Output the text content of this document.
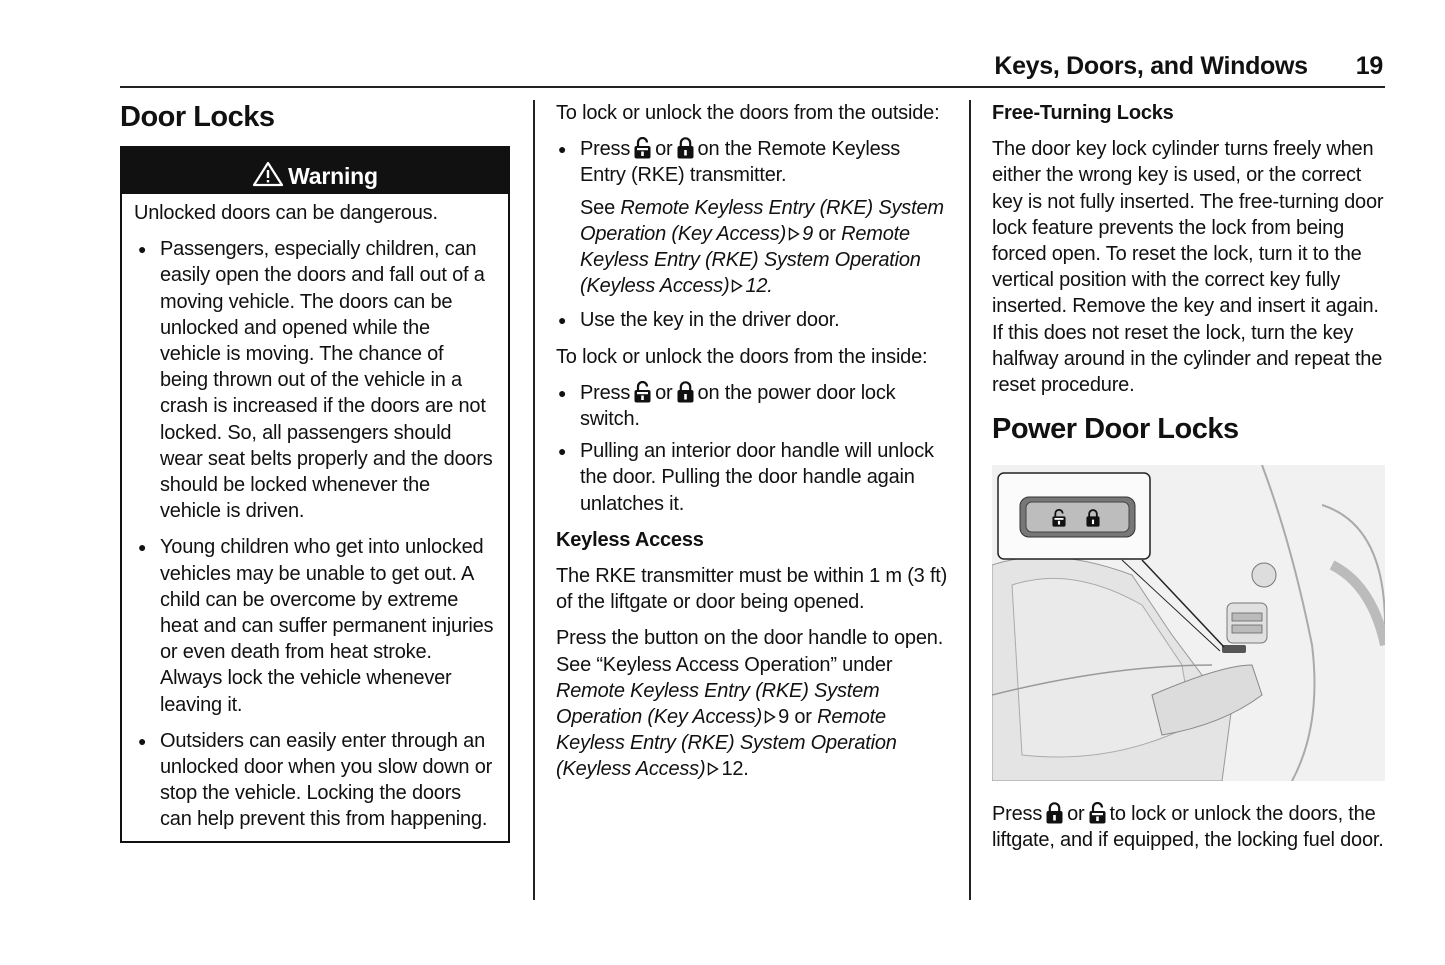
Keys, Doors, and Windows 19
Door Locks
Warning

Unlocked doors can be dangerous.

● Passengers, especially children, can easily open the doors and fall out of a moving vehicle. The doors can be unlocked and opened while the vehicle is moving. The chance of being thrown out of the vehicle in a crash is increased if the doors are not locked. So, all passengers should wear seat belts properly and the doors should be locked whenever the vehicle is driven.
● Young children who get into unlocked vehicles may be unable to get out. A child can be overcome by extreme heat and can suffer permanent injuries or even death from heat stroke. Always lock the vehicle whenever leaving it.
● Outsiders can easily enter through an unlocked door when you slow down or stop the vehicle. Locking the doors can help prevent this from happening.

To lock or unlock the doors from the outside:

● Press or on the Remote Keyless Entry (RKE) transmitter.
See Remote Keyless Entry (RKE) System Operation (Key Access) 9 or Remote Keyless Entry (RKE) System Operation (Keyless Access) 12.
● Use the key in the driver door.

To lock or unlock the doors from the inside:

● Press or on the power door lock switch.
● Pulling an interior door handle will unlock the door. Pulling the door handle again unlatches it.
Keyless Access

The RKE transmitter must be within 1 m (3 ft) of the liftgate or door being opened.

Press the button on the door handle to open. See “Keyless Access Operation” under Remote Keyless Entry (RKE) System Operation (Key Access) 9 or Remote Keyless Entry (RKE) System Operation (Keyless Access) 12.

Free-Turning Locks

The door key lock cylinder turns freely when either the wrong key is used, or the correct key is not fully inserted. The free-turning door lock feature prevents the lock from being forced open. To reset the lock, turn it to the vertical position with the correct key fully inserted. Remove the key and insert it again. If this does not reset the lock, turn the key halfway around in the cylinder and repeat the reset procedure.

Power Door Locks
Press or to lock or unlock the doors, the liftgate, and if equipped, the locking fuel door.
